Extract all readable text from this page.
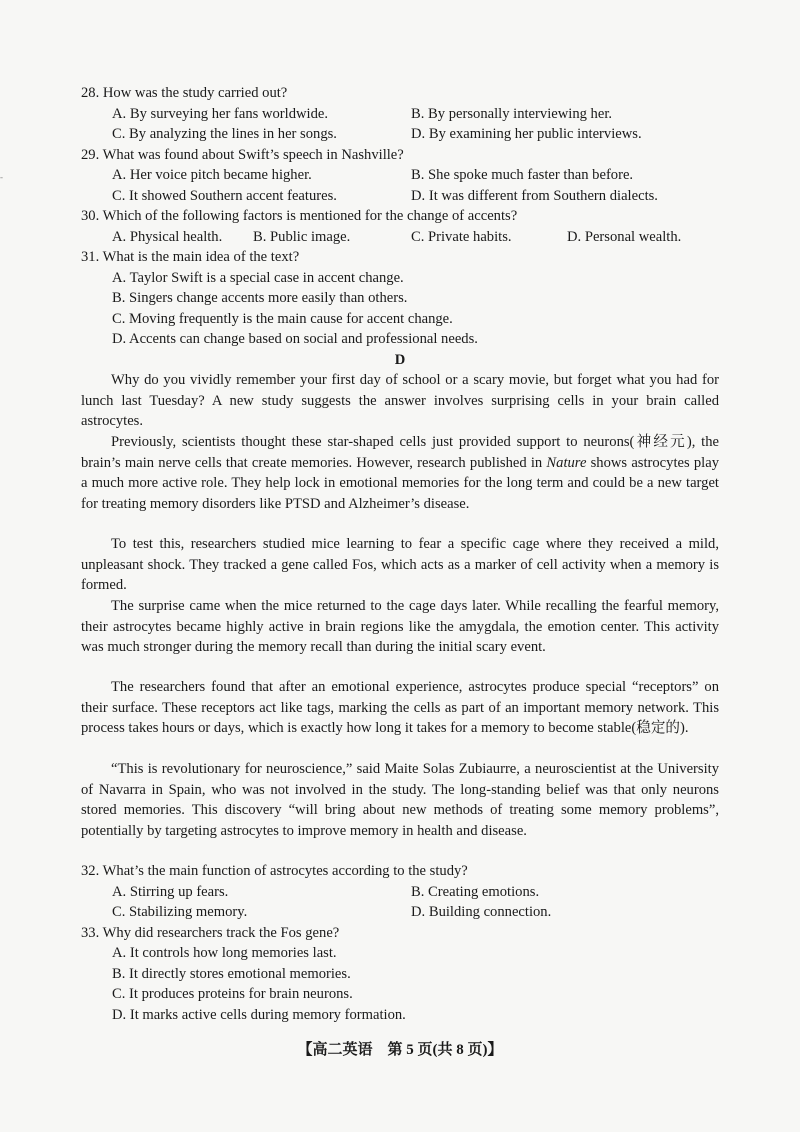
-
28. How was the study carried out?
A. By surveying her fans worldwide.	B. By personally interviewing her.
C. By analyzing the lines in her songs.	D. By examining her public interviews.
29. What was found about Swift’s speech in Nashville?
A. Her voice pitch became higher.	B. She spoke much faster than before.
C. It showed Southern accent features.	D. It was different from Southern dialects.
30. Which of the following factors is mentioned for the change of accents?
A. Physical health. B. Public image.	C. Private habits.	D. Personal wealth.
31. What is the main idea of the text?
A. Taylor Swift is a special case in accent change.
B. Singers change accents more easily than others.
C. Moving frequently is the main cause for accent change.
D. Accents can change based on social and professional needs.
D
Why do you vividly remember your first day of school or a scary movie, but forget what you had for lunch last Tuesday? A new study suggests the answer involves surprising cells in your brain called astrocytes.
Previously, scientists thought these star-shaped cells just provided support to neurons(神经元), the brain’s main nerve cells that create memories. However, research published in Nature shows astrocytes play a much more active role. They help lock in emotional memories for the long term and could be a new target for treating memory disorders like PTSD and Alzheimer’s disease.
To test this, researchers studied mice learning to fear a specific cage where they received a mild, unpleasant shock. They tracked a gene called Fos, which acts as a marker of cell activity when a memory is formed.
The surprise came when the mice returned to the cage days later. While recalling the fearful memory, their astrocytes became highly active in brain regions like the amygdala, the emotion center. This activity was much stronger during the memory recall than during the initial scary event.
The researchers found that after an emotional experience, astrocytes produce special “receptors” on their surface. These receptors act like tags, marking the cells as part of an important memory network. This process takes hours or days, which is exactly how long it takes for a memory to become stable(稳定的).
“This is revolutionary for neuroscience,” said Maite Solas Zubiaurre, a neuroscientist at the University of Navarra in Spain, who was not involved in the study. The long-standing belief was that only neurons stored memories. This discovery “will bring about new methods of treating some memory problems”, potentially by targeting astrocytes to improve memory in health and disease.
32. What’s the main function of astrocytes according to the study?
A. Stirring up fears.	B. Creating emotions.
C. Stabilizing memory.	D. Building connection.
33. Why did researchers track the Fos gene?
A. It controls how long memories last.
B. It directly stores emotional memories.
C. It produces proteins for brain neurons.
D. It marks active cells during memory formation.
【高二英语　第 5 页(共 8 页)】
